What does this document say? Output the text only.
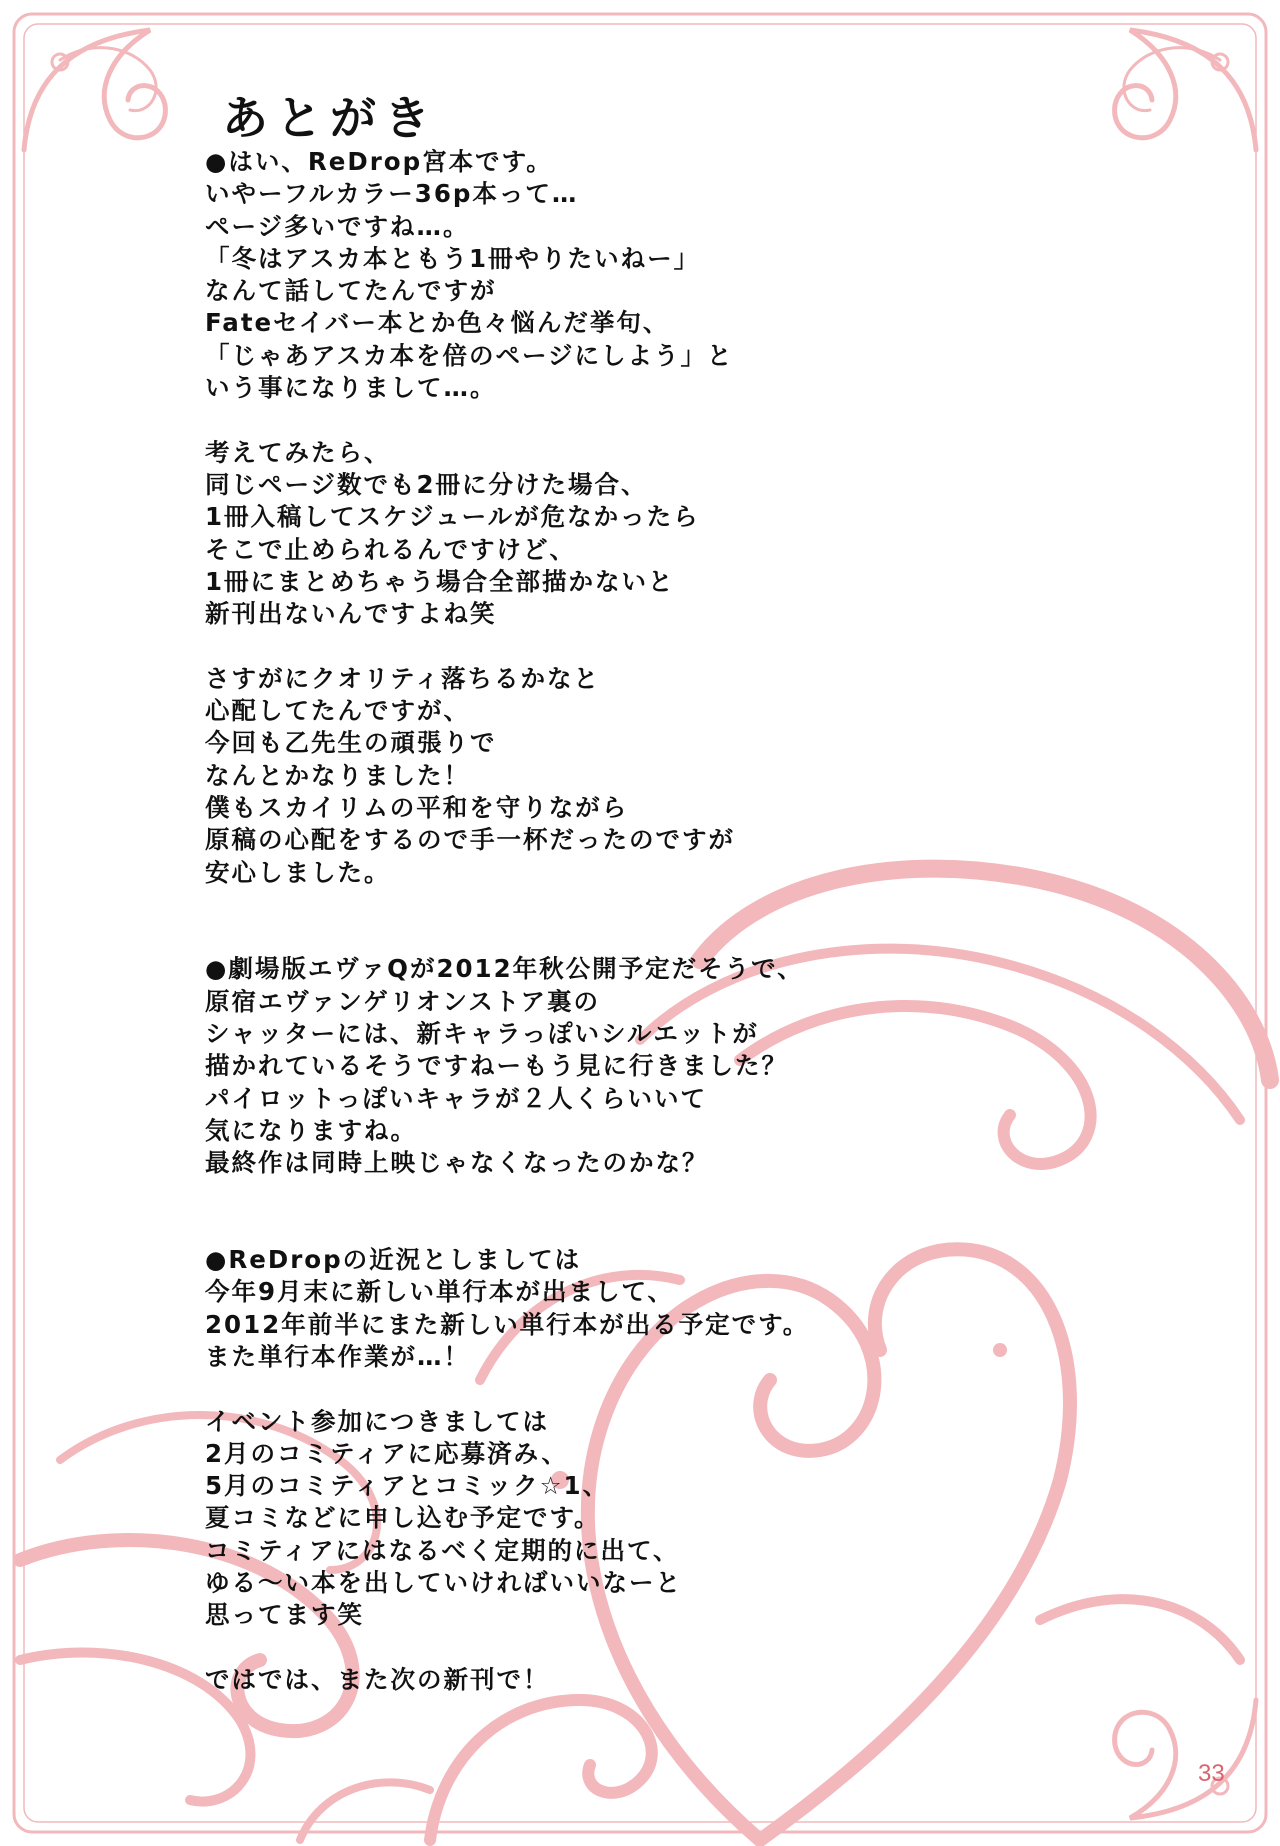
あとがき
●はい、ReDrop宮本です。
いやーフルカラー36p本って…
ページ多いですね…。
「冬はアスカ本ともう1冊やりたいねー」
なんて話してたんですが
Fateセイバー本とか色々悩んだ挙句、
「じゃあアスカ本を倍のページにしよう」と
いう事になりまして…。
考えてみたら、
同じページ数でも2冊に分けた場合、
1冊入稿してスケジュールが危なかったら
そこで止められるんですけど、
1冊にまとめちゃう場合全部描かないと
新刊出ないんですよね笑
さすがにクオリティ落ちるかなと
心配してたんですが、
今回も乙先生の頑張りで
なんとかなりました！
僕もスカイリムの平和を守りながら
原稿の心配をするので手一杯だったのですが
安心しました。
●劇場版エヴァQが2012年秋公開予定だそうで、
原宿エヴァンゲリオンストア裏の
シャッターには、新キャラっぽいシルエットが
描かれているそうですねーもう見に行きました？
パイロットっぽいキャラが２人くらいいて
気になりますね。
最終作は同時上映じゃなくなったのかな？
●ReDropの近況としましては
今年9月末に新しい単行本が出まして、
2012年前半にまた新しい単行本が出る予定です。
また単行本作業が…！
イベント参加につきましては
2月のコミティアに応募済み、
5月のコミティアとコミック☆1、
夏コミなどに申し込む予定です。
コミティアにはなるべく定期的に出て、
ゆる～い本を出していければいいなーと
思ってます笑
ではでは、また次の新刊で！
33
